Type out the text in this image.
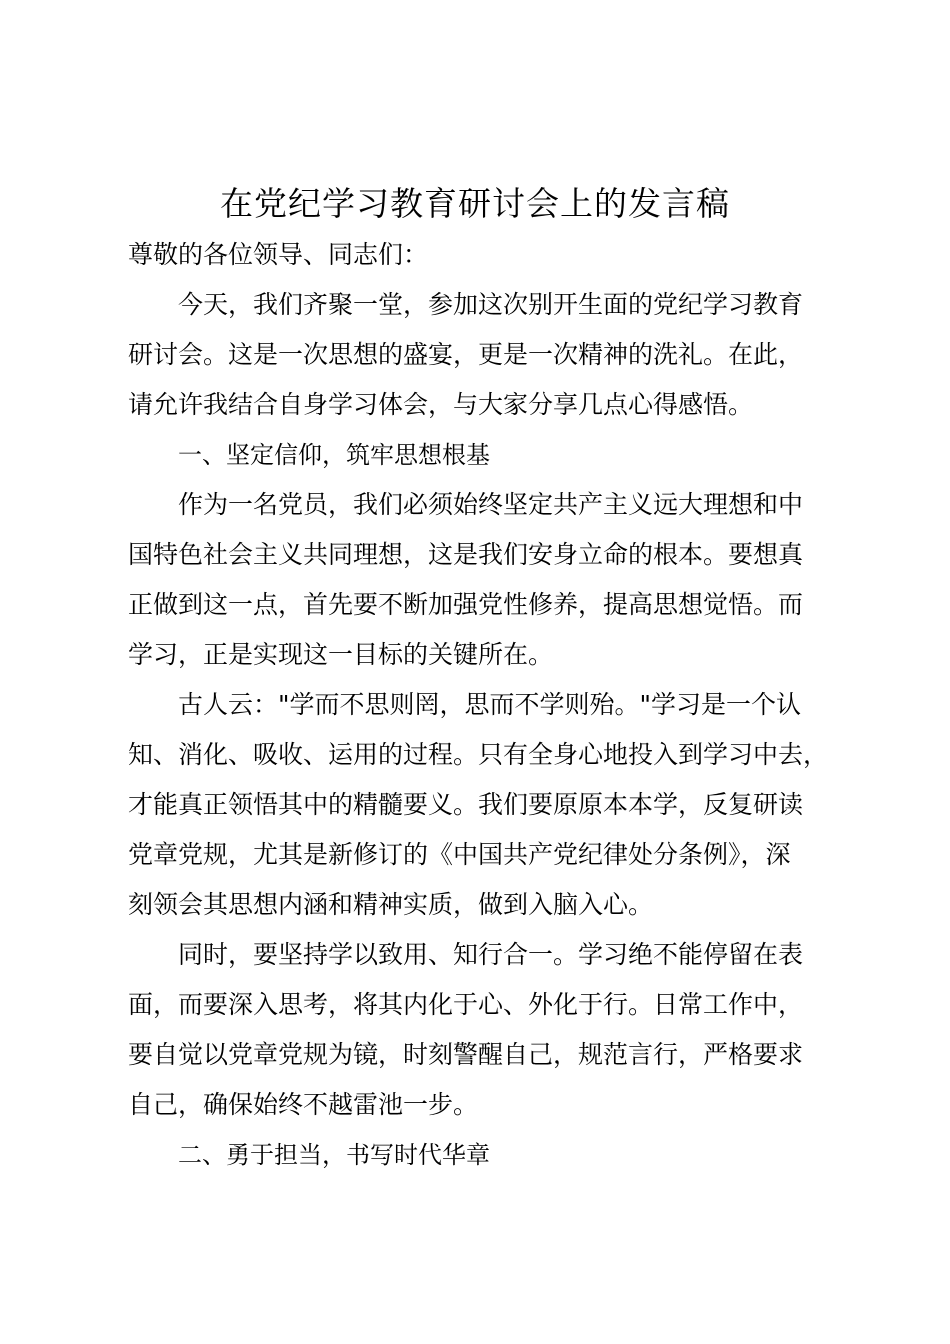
在党纪学习教育研讨会上的发言稿
尊敬的各位领导、同志们：
今天，我们齐聚一堂，参加这次别开生面的党纪学习教育
研讨会。这是一次思想的盛宴，更是一次精神的洗礼。在此，
请允许我结合自身学习体会，与大家分享几点心得感悟。
一、坚定信仰，筑牢思想根基
作为一名党员，我们必须始终坚定共产主义远大理想和中
国特色社会主义共同理想，这是我们安身立命的根本。要想真
正做到这一点，首先要不断加强党性修养，提高思想觉悟。而
学习，正是实现这一目标的关键所在。
古人云："学而不思则罔，思而不学则殆。"学习是一个认
知、消化、吸收、运用的过程。只有全身心地投入到学习中去，
才能真正领悟其中的精髓要义。我们要原原本本学，反复研读
党章党规，尤其是新修订的《中国共产党纪律处分条例》，深
刻领会其思想内涵和精神实质，做到入脑入心。
同时，要坚持学以致用、知行合一。学习绝不能停留在表
面，而要深入思考，将其内化于心、外化于行。日常工作中，
要自觉以党章党规为镜，时刻警醒自己，规范言行，严格要求
自己，确保始终不越雷池一步。
二、勇于担当，书写时代华章
